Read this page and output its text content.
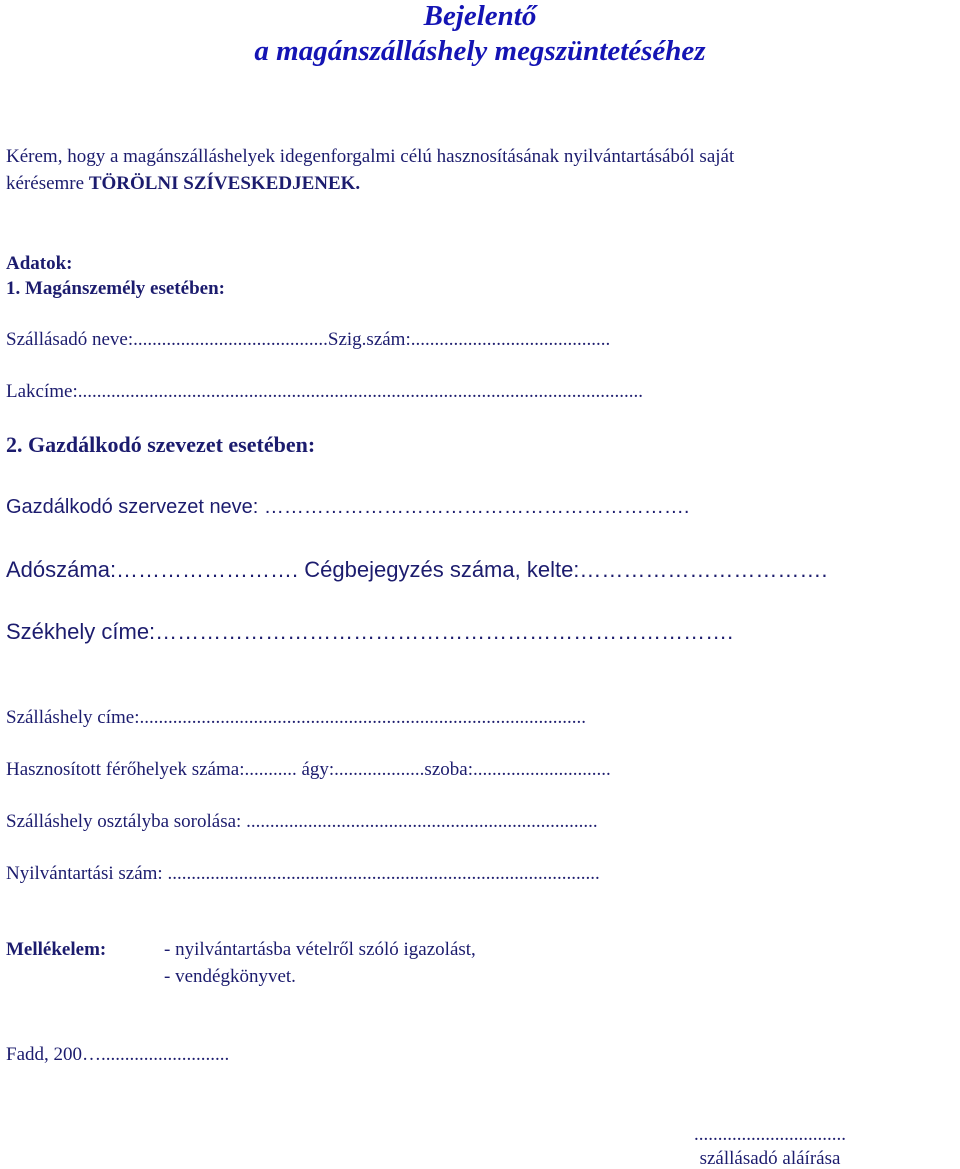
Bejelentő
a magánszálláshely megszüntetéséhez
Kérem, hogy a magánszálláshelyek idegenforgalmi célú hasznosításának nyilvántartásából saját
kérésemre TÖRÖLNI SZÍVESKEDJENEK.
Adatok:
1. Magánszemély esetében:
Szállásadó neve:.........................................Szig.szám:..........................................
Lakcíme:.......................................................................................................................
2. Gazdálkodó szevezet esetében:
Gazdálkodó szervezet neve: ……………………………………………………….
Adószáma:……………………. Cégbejegyzés száma, kelte:…………………………….
Székhely címe:…………………………………………………………………….
Szálláshely címe:..............................................................................................
Hasznosított férőhelyek száma:........... ágy:...................szoba:.............................
Szálláshely osztályba sorolása: ..........................................................................
Nyilvántartási szám: ...........................................................................................
Mellékelem:	- nyilvántartásba vételről szóló igazolást,
- vendégkönyvet.
Fadd, 200…...........................
................................
szállásadó aláírása
